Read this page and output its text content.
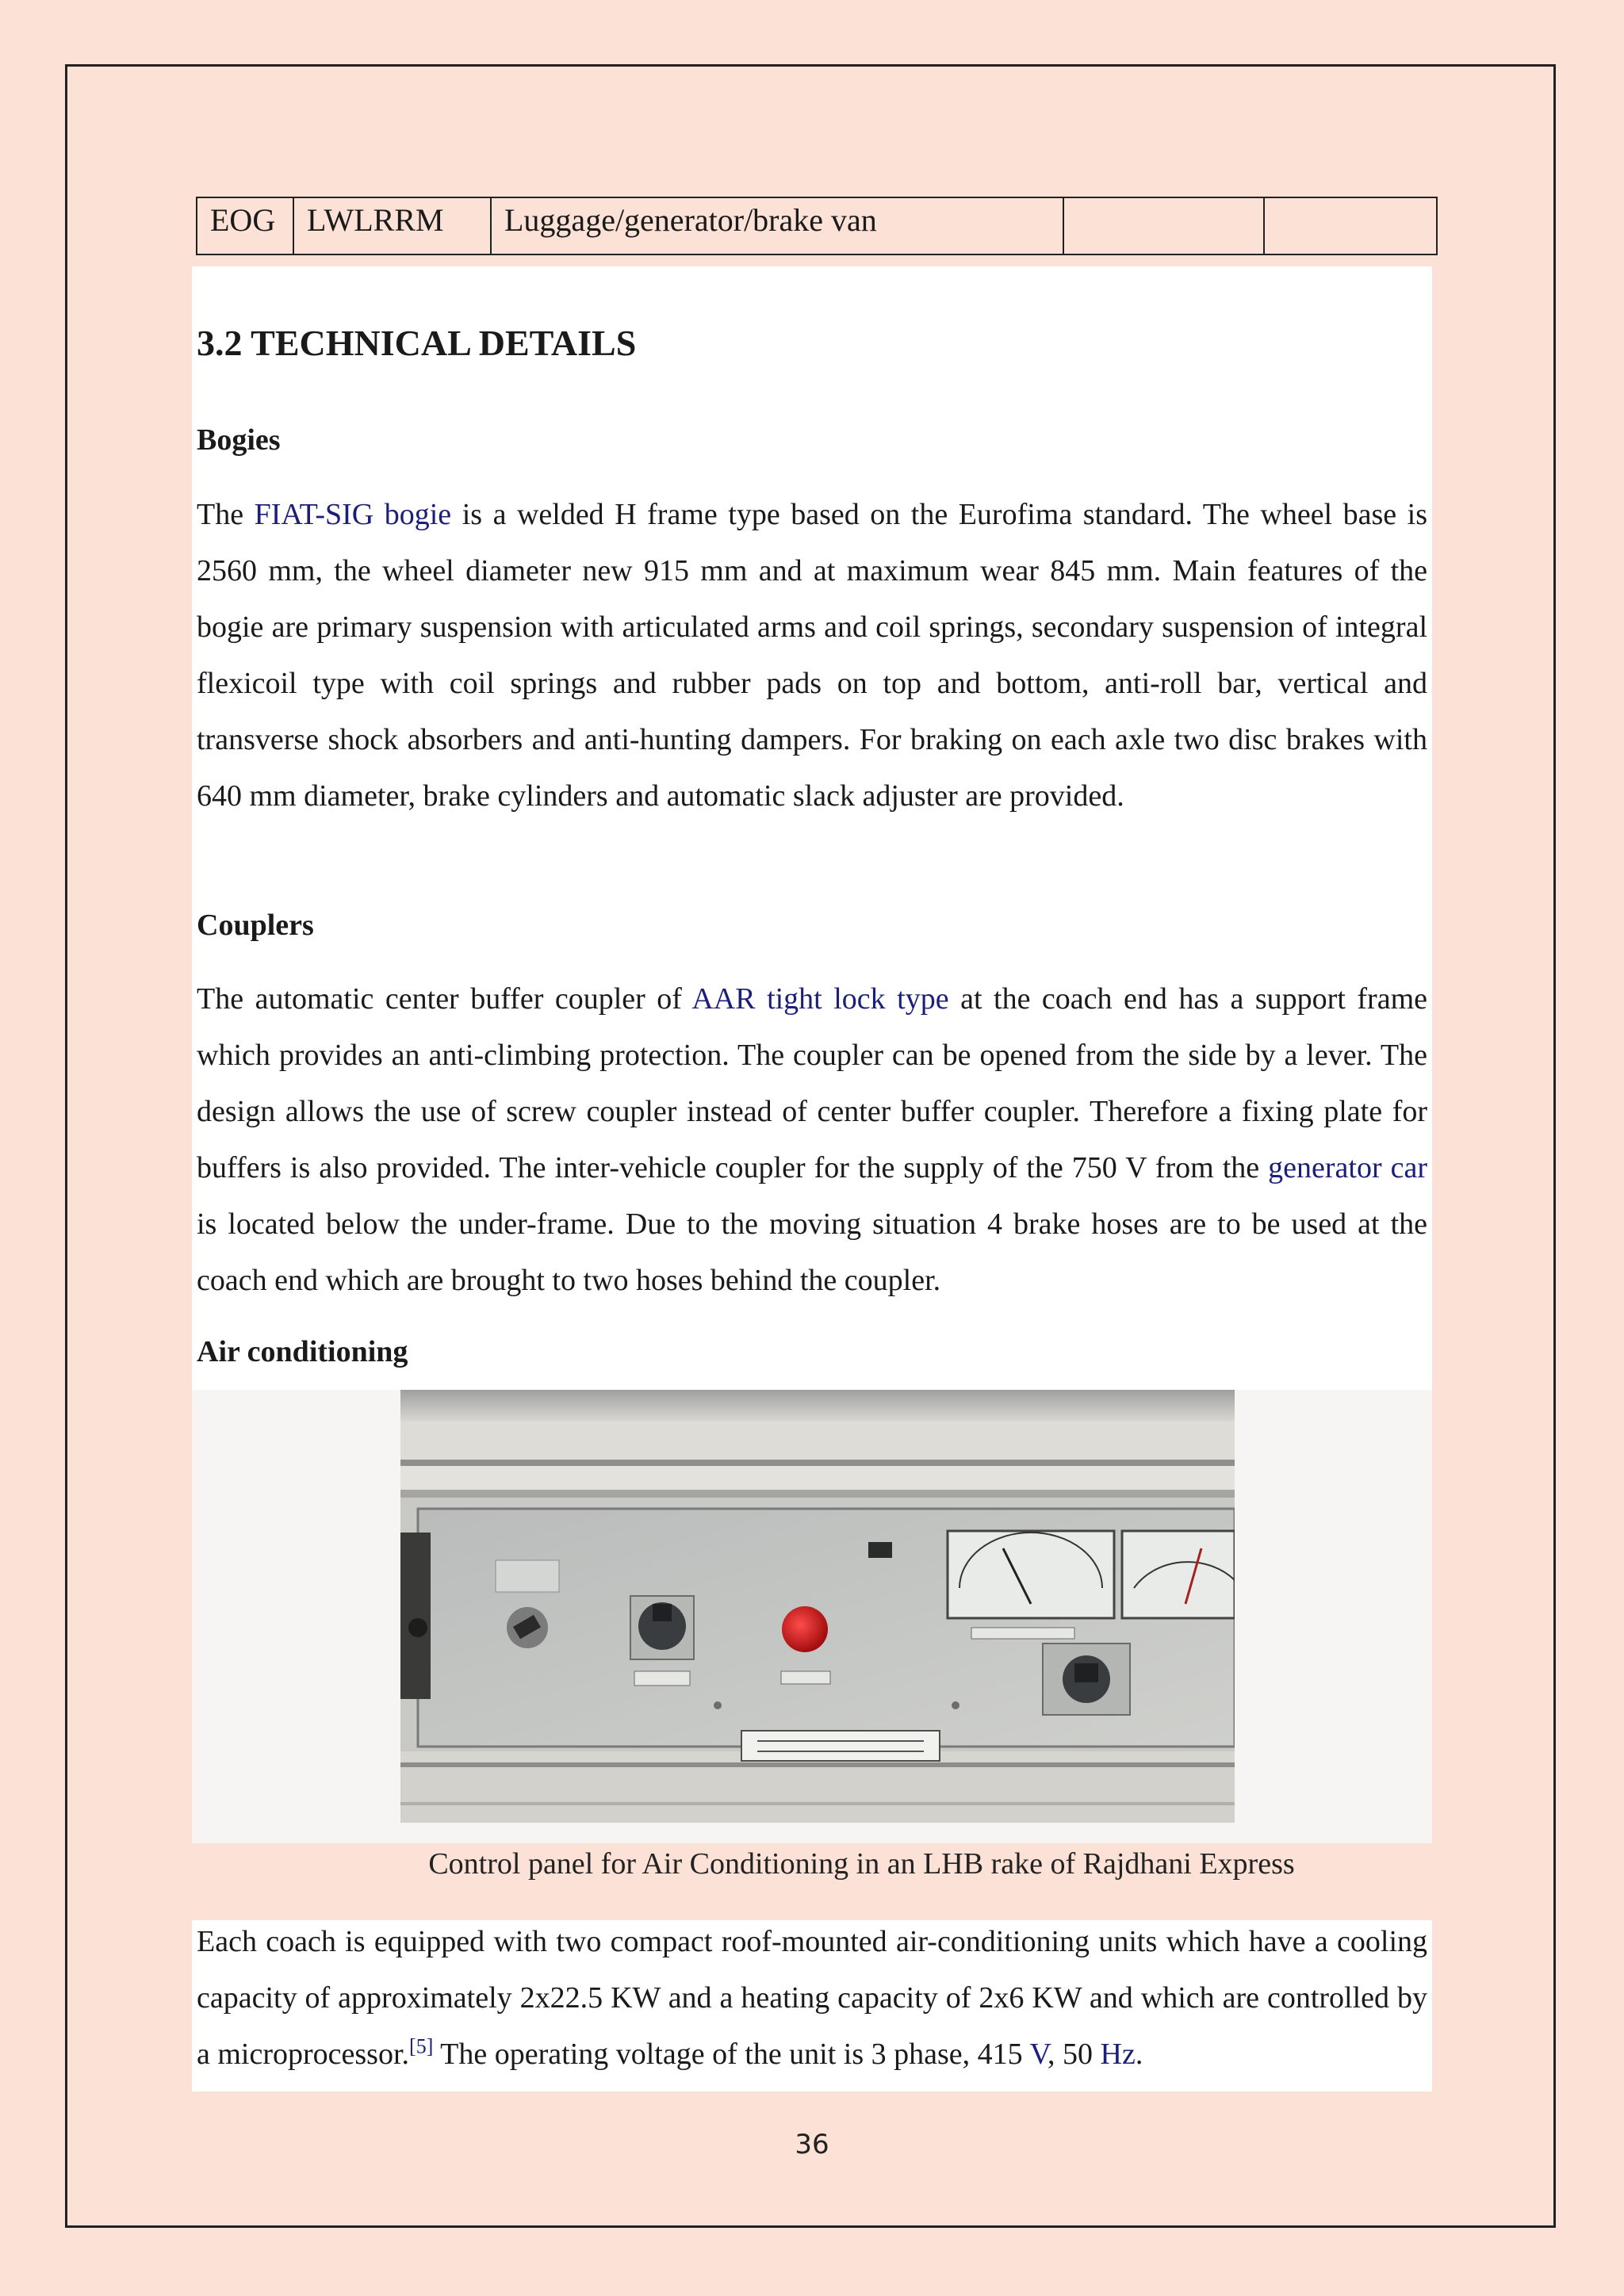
EOG	LWLRRM	Luggage/generator/brake van		
3.2 TECHNICAL DETAILS
Bogies

The FIAT-SIG bogie is a welded H frame type based on the Eurofima standard. The wheel base is 2560 mm, the wheel diameter new 915 mm and at maximum wear 845 mm. Main features of the bogie are primary suspension with articulated arms and coil springs, secondary suspension of integral flexicoil type with coil springs and rubber pads on top and bottom, anti-roll bar, vertical and transverse shock absorbers and anti-hunting dampers. For braking on each axle two disc brakes with 640 mm diameter, brake cylinders and automatic slack adjuster are provided.

Couplers

The automatic center buffer coupler of AAR tight lock type at the coach end has a support frame which provides an anti-climbing protection. The coupler can be opened from the side by a lever. The design allows the use of screw coupler instead of center buffer coupler. Therefore a fixing plate for buffers is also provided. The inter-vehicle coupler for the supply of the 750 V from the generator car is located below the under-frame. Due to the moving situation 4 brake hoses are to be used at the coach end which are brought to two hoses behind the coupler.

Air conditioning
Control panel for Air Conditioning in an LHB rake of Rajdhani Express

Each coach is equipped with two compact roof-mounted air-conditioning units which have a cooling capacity of approximately 2x22.5 KW and a heating capacity of 2x6 KW and which are controlled by a microprocessor.[5] The operating voltage of the unit is 3 phase, 415 V, 50 Hz.

36
